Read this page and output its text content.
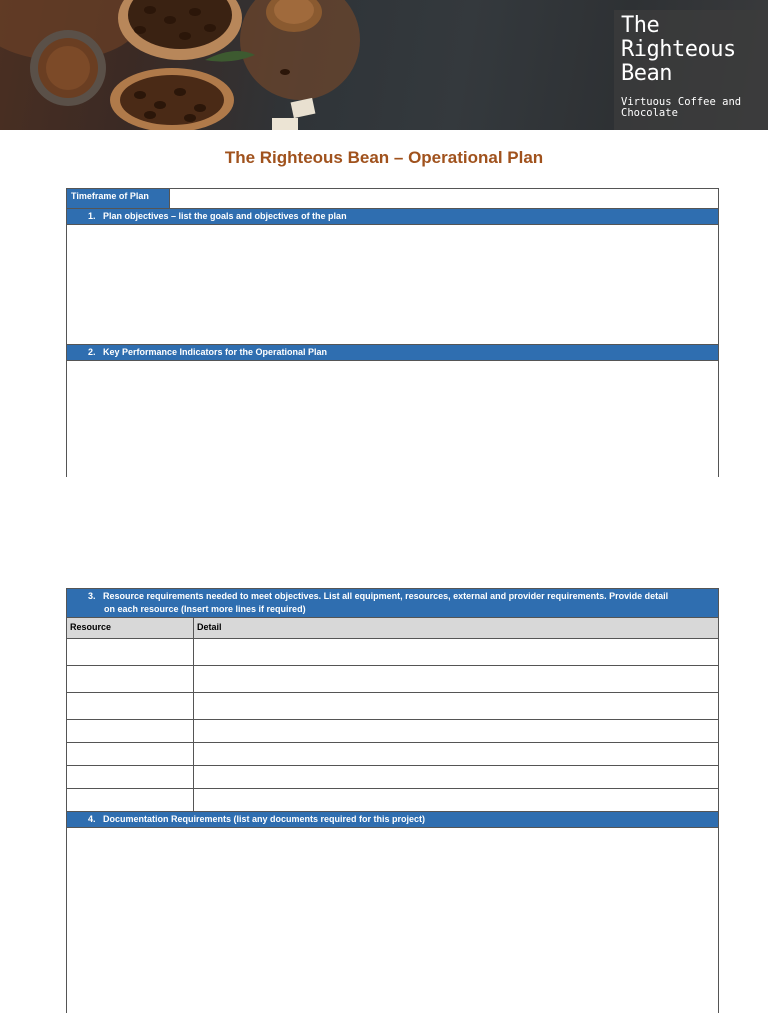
The
Righteous
Bean
Virtuous Coffee and
Chocolate
The Righteous Bean – Operational Plan
Timeframe of Plan
1. Plan objectives – list the goals and objectives of the plan
2. Key Performance Indicators for the Operational Plan
3. Resource requirements needed to meet objectives. List all equipment, resources, external and provider requirements. Provide detail
on each resource (Insert more lines if required)
Resource	Detail
4. Documentation Requirements (list any documents required for this project)
